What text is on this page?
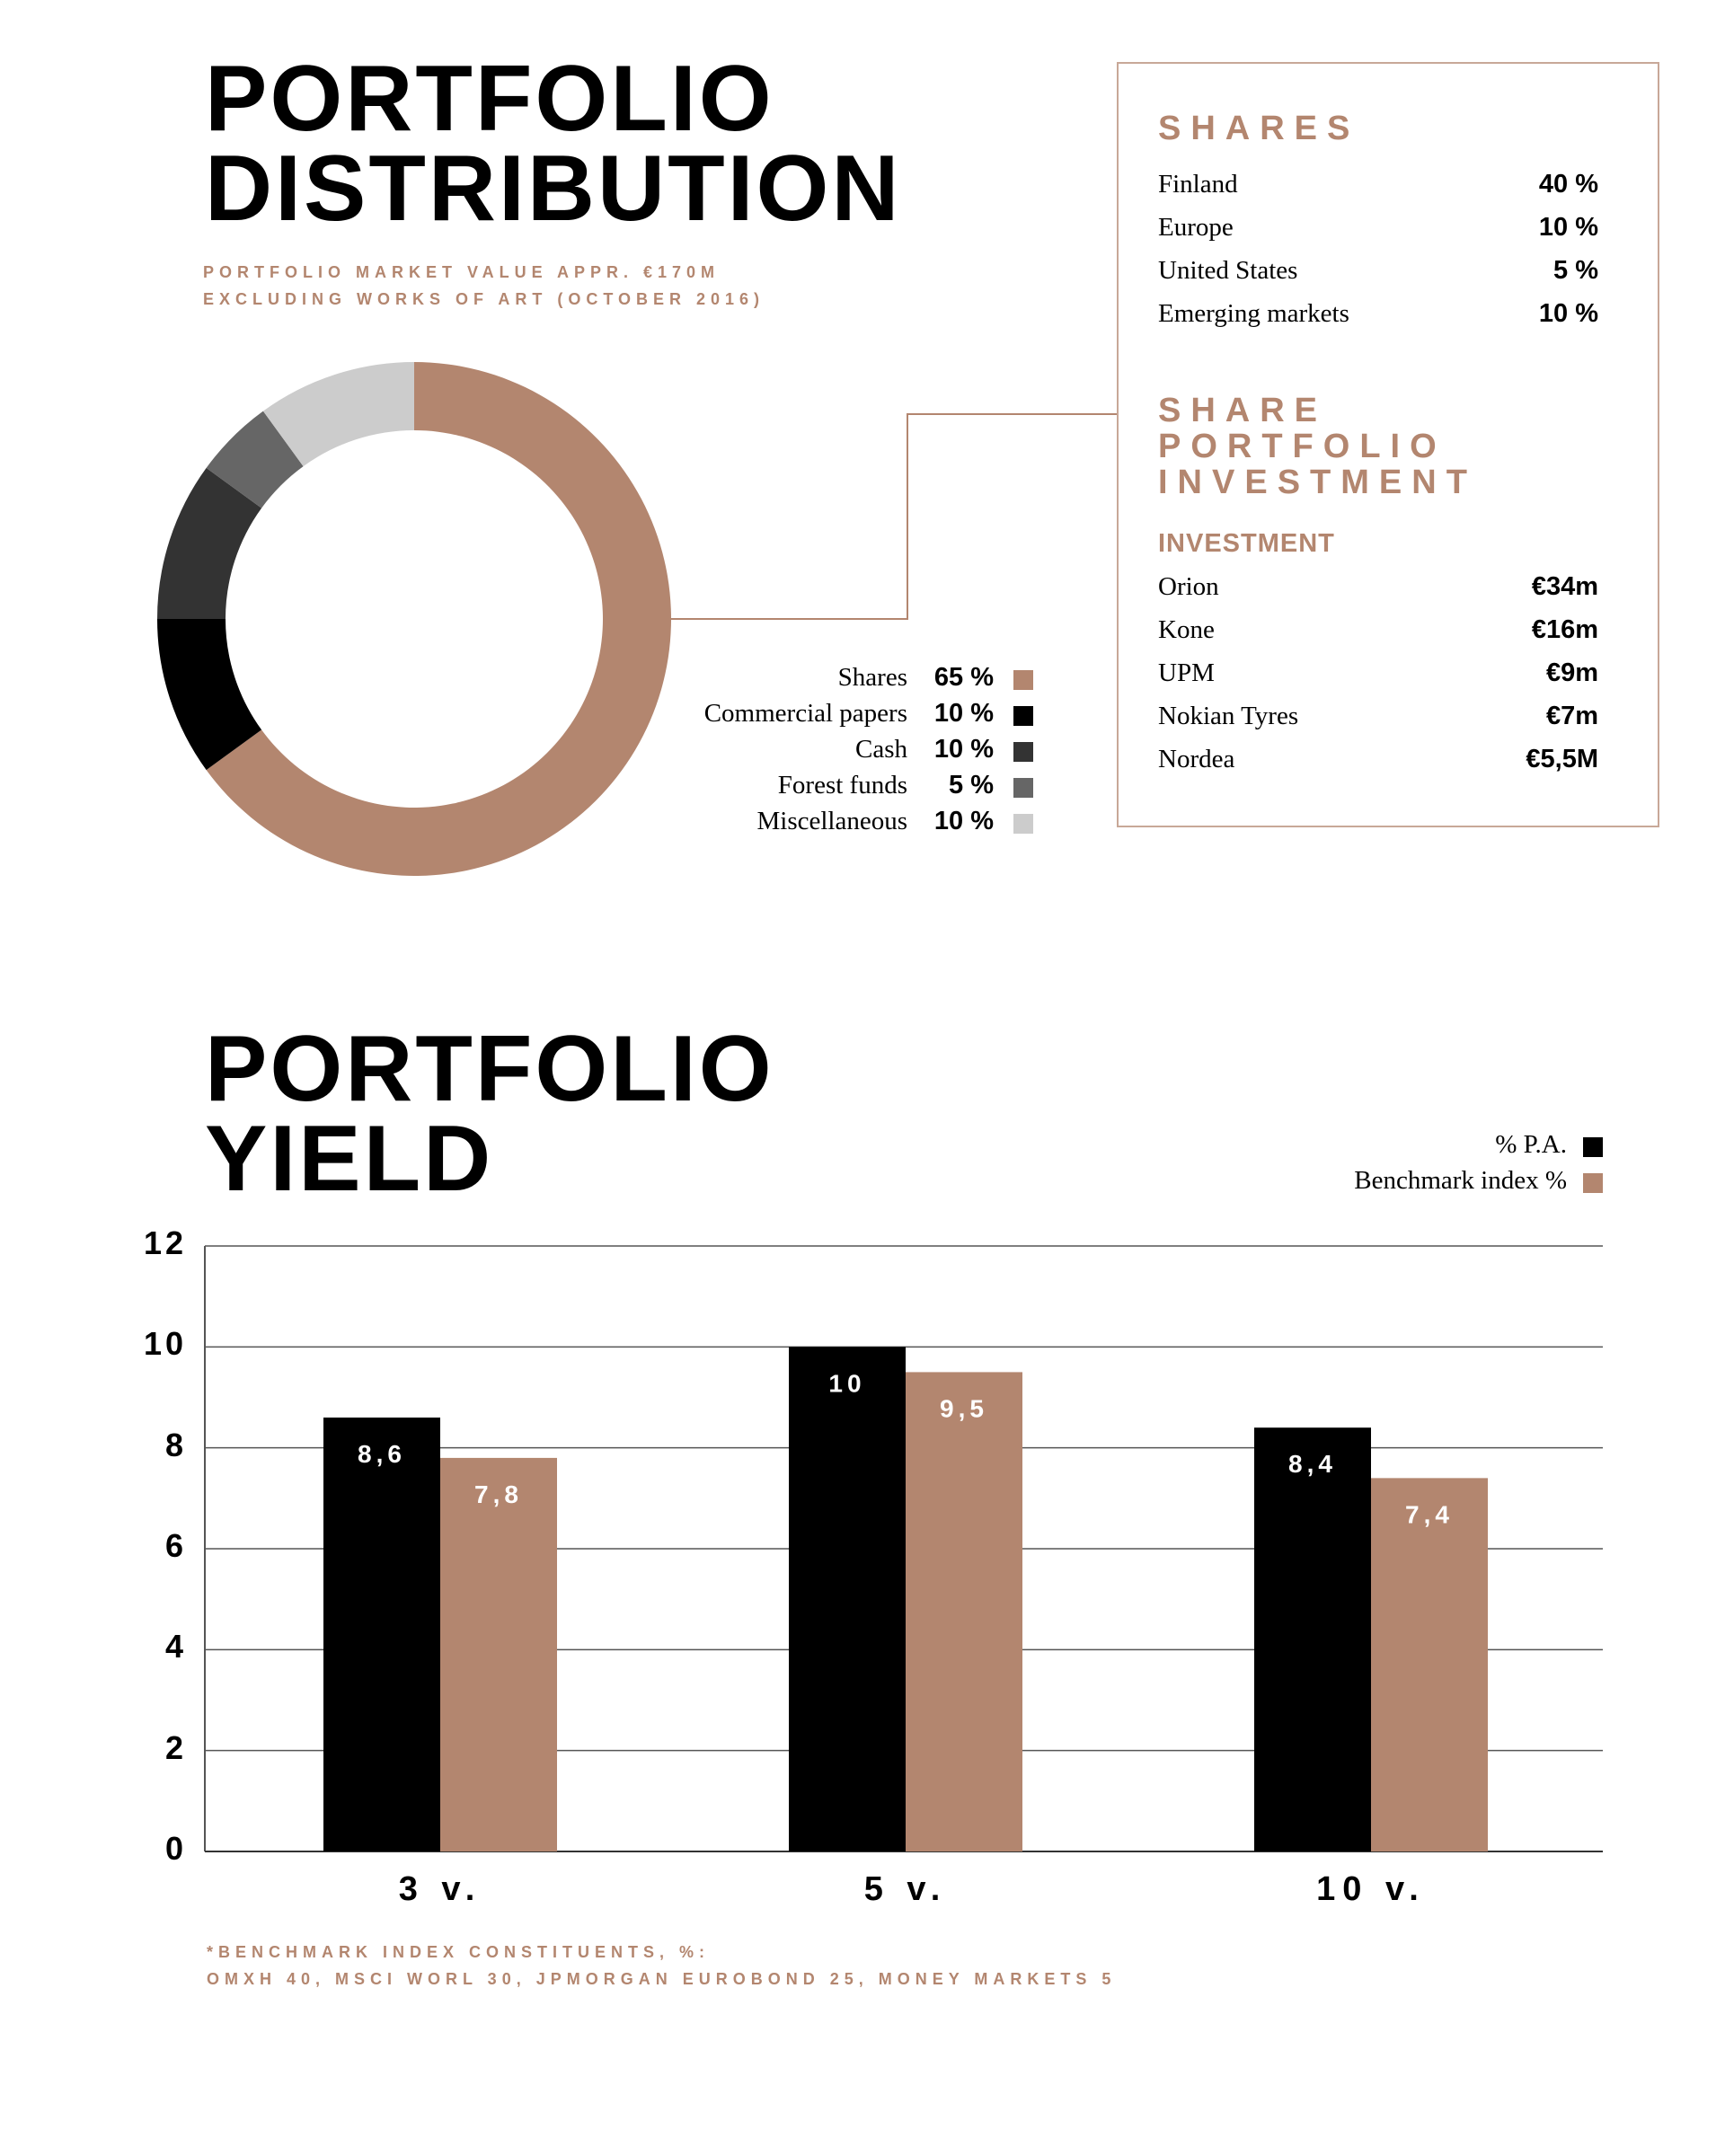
PORTFOLIO
DISTRIBUTION
PORTFOLIO MARKET VALUE APPR. €170M
EXCLUDING WORKS OF ART (OCTOBER 2016)
Shares 65 %
Commercial papers 10 %
Cash 10 %
Forest funds 5 %
Miscellaneous 10 %
SHARES
Finland	40 %
Europe	10 %
United States	5 %
Emerging markets	10 %
SHARE
PORTFOLIO
INVESTMENT
INVESTMENT
Orion	€34m
Kone	€16m
UPM	€9m
Nokian Tyres	€7m
Nordea	€5,5M
PORTFOLIO
YIELD	% P.A.
Benchmark index %
8,6
7,8
10
9,5
8,4
7,4
0
2
4
6
8
10
12
3 v.	5 v.	10 v.
*BENCHMARK INDEX CONSTITUENTS, %:
OMXH 40, MSCI WORL 30, JPMORGAN EUROBOND 25, MONEY MARKETS 5
